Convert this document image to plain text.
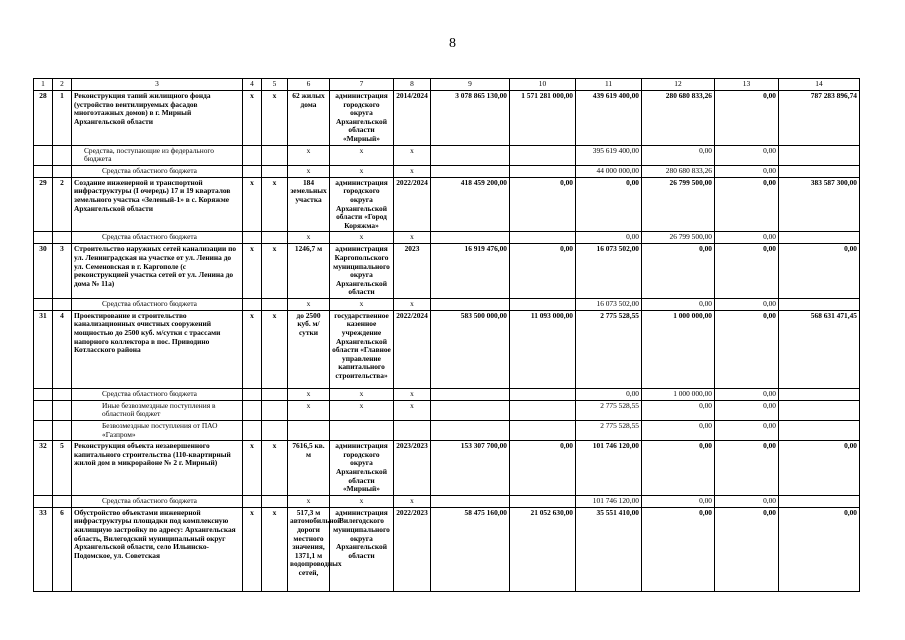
8
1	2	3	4	5	6	7	8	9	10	11	12	13	14
28	1	Реконструкция тапий жилищного фонда (устройство вентилируемых фасадов многоэтажных домов) в г. Мирный Архангельской области	х	х	62 жилых дома	администрация городского округа Архангельской области «Мирный»	2014/2024	3 078 865 130,00	1 571 281 000,00	439 619 400,00	280 680 833,26	0,00	787 283 896,74
		Средства, поступающие из федерального бюджета			х	х	х			395 619 400,00	0,00	0,00	
		Средства областного бюджета			х	х	х			44 000 000,00	280 680 833,26	0,00	
29	2	Создание инженерной и транспортной инфраструктуры (I очередь) 17 и 19 кварталов земельного участка «Зеленый-1» в с. Коряжме Архангельской области	х	х	184 земельных участка	администрация городского округа Архангельской области «Город Коряжма»	2022/2024	418 459 200,00	0,00	0,00	26 799 500,00	0,00	383 587 300,00
		Средства областного бюджета			х	х	х			0,00	26 799 500,00	0,00	
30	3	Строительство наружных сетей канализации по ул. Ленинградская на участке от ул. Ленина до ул. Семеновская в г. Каргополе (с реконструкцией участка сетей от ул. Ленина до дома № 11а)	х	х	1246,7 м	администрация Каргопольского муниципального округа Архангельской области	2023	16 919 476,00	0,00	16 073 502,00	0,00	0,00	0,00
		Средства областного бюджета			х	х	х			16 073 502,00	0,00	0,00	
31	4	Проектирование и строительство канализационных очистных сооружений мощностью до 2500 куб. м/сутки с трассами напорного коллектора в пос. Приводино Котласского района	х	х	до 2500 куб. м/ сутки	государственное казенное учреждение Архангельской области «Главное управление капитального строительства»	2022/2024	583 500 000,00	11 093 000,00	2 775 528,55	1 000 000,00	0,00	568 631 471,45
		Средства областного бюджета			х	х	х			0,00	1 000 000,00	0,00	
		Иные безвозмездные поступления в областной бюджет			х	х	х			2 775 528,55	0,00	0,00	
		Безвозмездные поступления от ПАО «Газпром»								2 775 528,55	0,00	0,00	
32	5	Реконструкция объекта незавершенного капитального строительства (110-квартирный жилой дом в микрорайоне № 2 г. Мирный)	х	х	7616,5 кв. м	администрация городского округа Архангельской области «Мирный»	2023/2023	153 307 700,00	0,00	101 746 120,00	0,00	0,00	0,00
		Средства областного бюджета			х	х	х			101 746 120,00	0,00	0,00	
33	6	Обустройство объектами инженерной инфраструктуры площадки под комплексную жилищную застройку по адресу: Архангельская область, Вилегодский муниципальный округ Архангельской области, село Ильинско-Подомское, ул. Советская	х	х	517,3 м автомобильной дороги местного значения, 1371,1 м водопроводных сетей,	администрация Вилегодского муниципального округа Архангельской области	2022/2023	58 475 160,00	21 052 630,00	35 551 410,00	0,00	0,00	0,00
